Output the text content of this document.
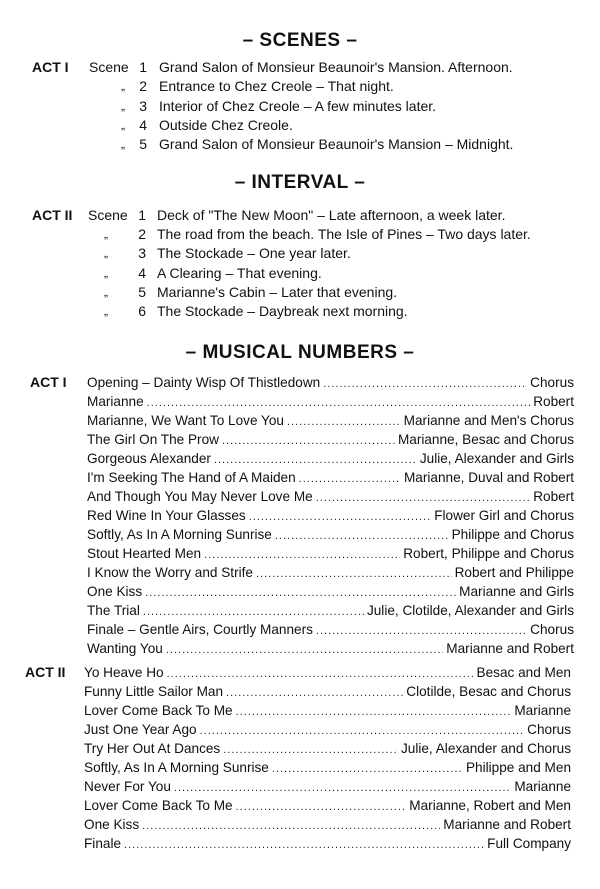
– SCENES –
ACT I Scene 1 Grand Salon of Monsieur Beaunoir's Mansion. Afternoon.
„	2 Entrance to Chez Creole – That night.
„	3 Interior of Chez Creole – A few minutes later.
„	4 Outside Chez Creole.
„	5 Grand Salon of Monsieur Beaunoir's Mansion – Midnight.
– INTERVAL –
ACT II Scene 1 Deck of "The New Moon" – Late afternoon, a week later.
„	2 The road from the beach. The Isle of Pines – Two days later.
„	3 The Stockade – One year later.
„	4 A Clearing – That evening.
„	5 Marianne's Cabin – Later that evening.
„	6 The Stockade – Daybreak next morning.
– MUSICAL NUMBERS –
ACT I Opening – Dainty Wisp Of Thistledown .....	Chorus
Marianne .....	Robert
Marianne, We Want To Love You .....	Marianne and Men's Chorus
The Girl On The Prow .....	Marianne, Besac and Chorus
Gorgeous Alexander .....	Julie, Alexander and Girls
I'm Seeking The Hand of A Maiden .....	Marianne, Duval and Robert
And Though You May Never Love Me .....	Robert
Red Wine In Your Glasses .....	Flower Girl and Chorus
Softly, As In A Morning Sunrise .....	Philippe and Chorus
Stout Hearted Men .....	Robert, Philippe and Chorus
I Know the Worry and Strife .....	Robert and Philippe
One Kiss .....	Marianne and Girls
The Trial .....	Julie, Clotilde, Alexander and Girls
Finale – Gentle Airs, Courtly Manners .....	Chorus
Wanting You .....	Marianne and Robert
ACT II Yo Heave Ho .....	Besac and Men
Funny Little Sailor Man .....	Clotilde, Besac and Chorus
Lover Come Back To Me .....	Marianne
Just One Year Ago .....	Chorus
Try Her Out At Dances .....	Julie, Alexander and Chorus
Softly, As In A Morning Sunrise .....	Philippe and Men
Never For You .....	Marianne
Lover Come Back To Me .....	Marianne, Robert and Men
One Kiss .....	Marianne and Robert
Finale .....	Full Company
